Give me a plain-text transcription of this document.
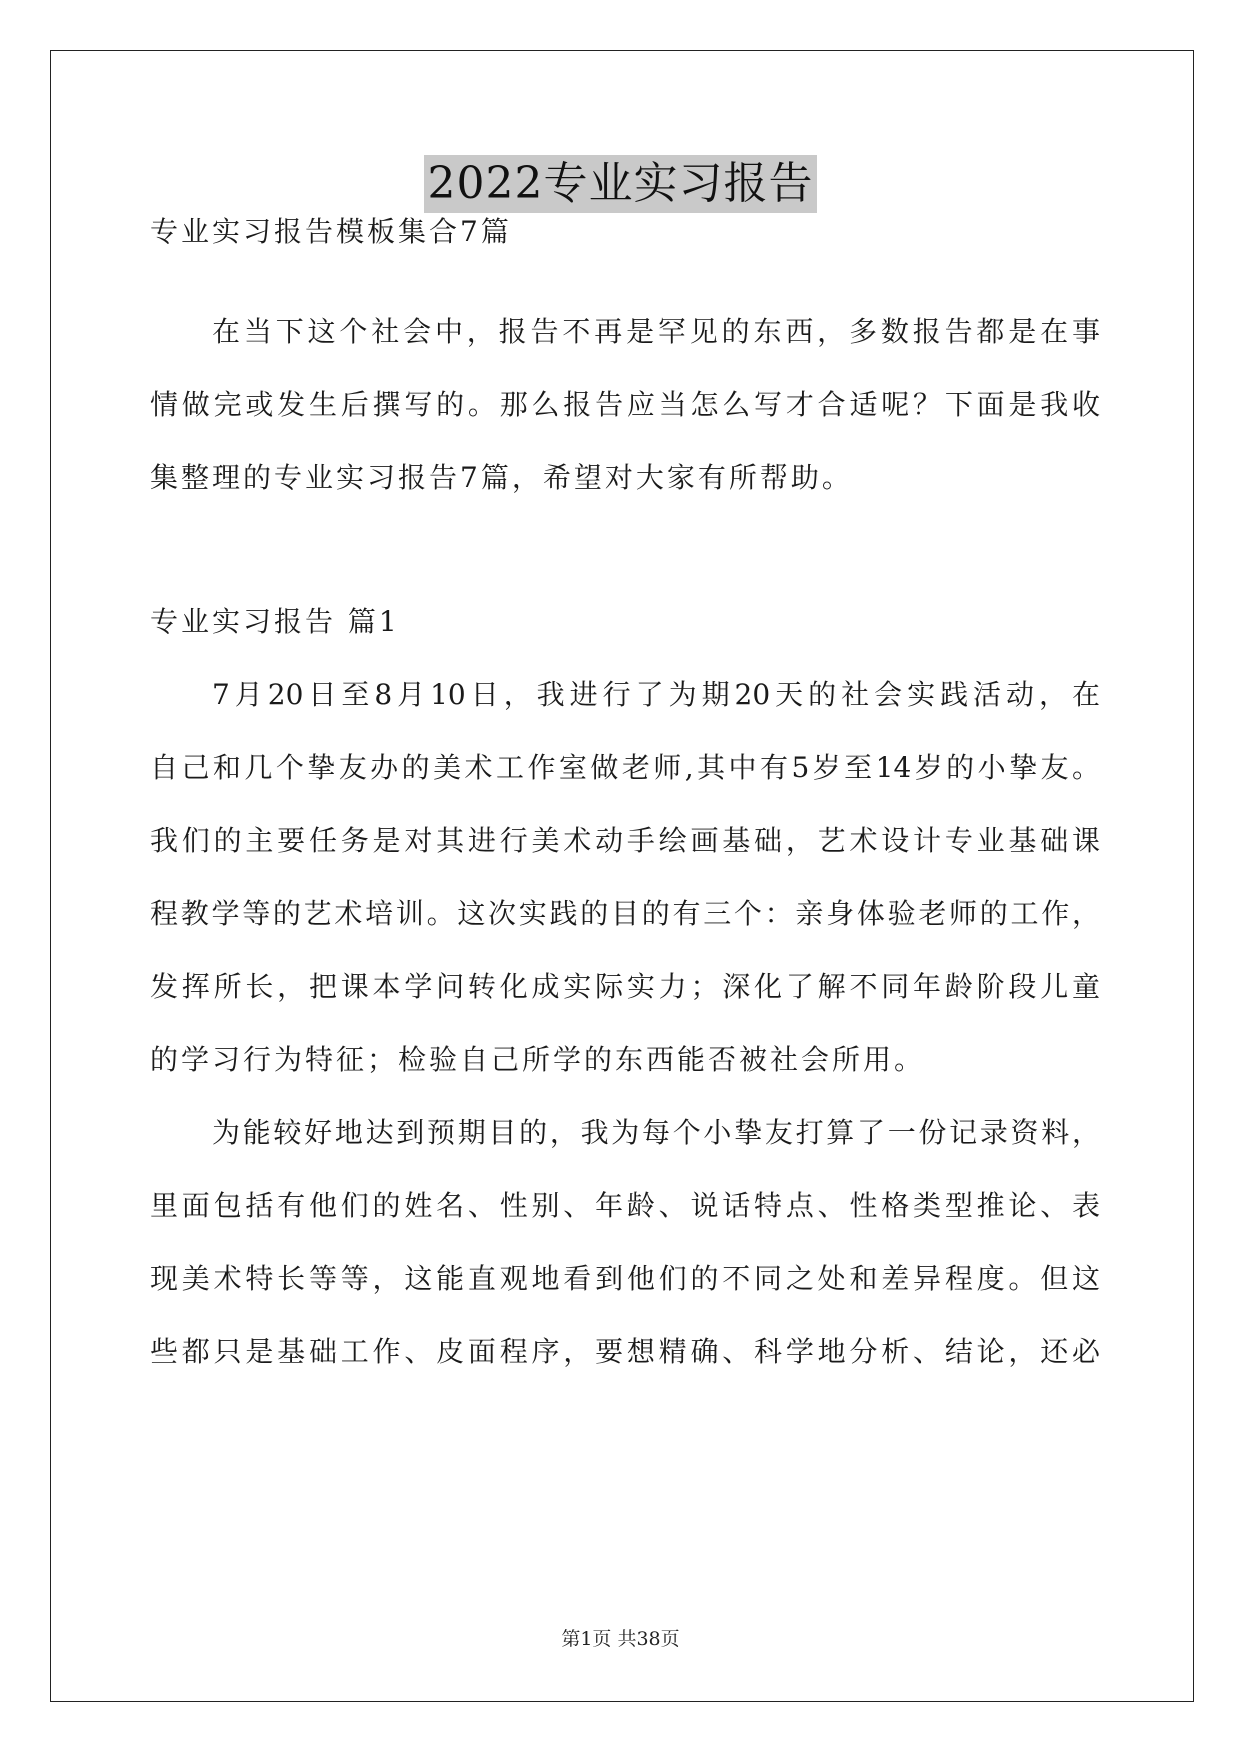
2022专业实习报告
专业实习报告模板集合7篇
在当下这个社会中，报告不再是罕见的东西，多数报告都是在事
情做完或发生后撰写的。那么报告应当怎么写才合适呢？下面是我收
集整理的专业实习报告7篇，希望对大家有所帮助。
专业实习报告 篇1
7月20日至8月10日，我进行了为期20天的社会实践活动，在
自己和几个挚友办的美术工作室做老师,其中有5岁至14岁的小挚友。
我们的主要任务是对其进行美术动手绘画基础，艺术设计专业基础课
程教学等的艺术培训。这次实践的目的有三个：亲身体验老师的工作，
发挥所长，把课本学问转化成实际实力；深化了解不同年龄阶段儿童
的学习行为特征；检验自己所学的东西能否被社会所用。
为能较好地达到预期目的，我为每个小挚友打算了一份记录资料，
里面包括有他们的姓名、性别、年龄、说话特点、性格类型推论、表
现美术特长等等，这能直观地看到他们的不同之处和差异程度。但这
些都只是基础工作、皮面程序，要想精确、科学地分析、结论，还必
第1页 共38页
